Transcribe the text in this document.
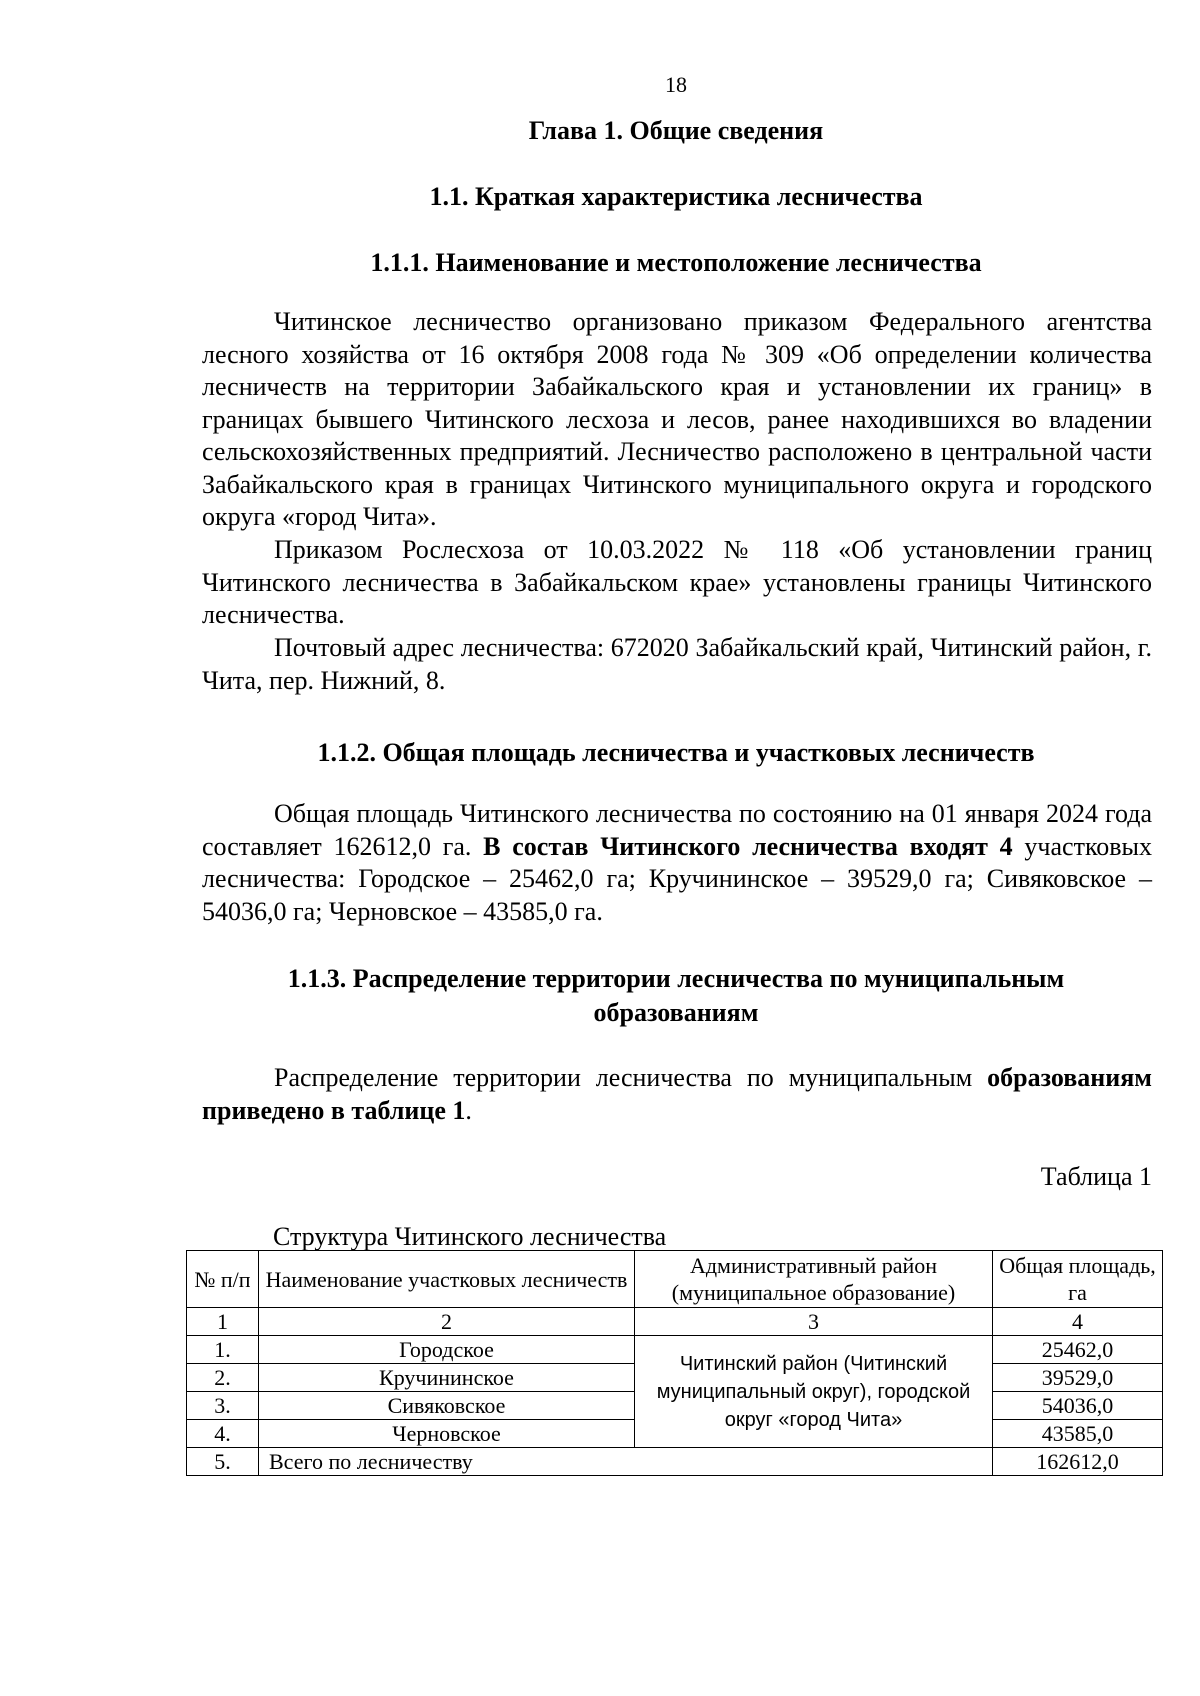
18
Глава 1. Общие сведения
1.1. Краткая характеристика лесничества
1.1.1. Наименование и местоположение лесничества

Читинское лесничество организовано приказом Федерального агентства лесного хозяйства от 16 октября 2008 года № 309 «Об определении количества лесничеств на территории Забайкальского края и установлении их границ» в границах бывшего Читинского лесхоза и лесов, ранее находившихся во владении сельскохозяйственных предприятий. Лесничество расположено в центральной части Забайкальского края в границах Читинского муниципального округа и городского округа «город Чита».

Приказом Рослесхоза от 10.03.2022 № 118 «Об установлении границ Читинского лесничества в Забайкальском крае» установлены границы Читинского лесничества.

Почтовый адрес лесничества: 672020 Забайкальский край, Читинский район, г. Чита, пер. Нижний, 8.

1.1.2. Общая площадь лесничества и участковых лесничеств

Общая площадь Читинского лесничества по состоянию на 01 января 2024 года составляет 162612,0 га. В состав Читинского лесничества входят 4 участковых лесничества: Городское – 25462,0 га; Кручининское – 39529,0 га; Сивяковское – 54036,0 га; Черновское – 43585,0 га.

1.1.3. Распределение территории лесничества по муниципальным
образованиям

Распределение территории лесничества по муниципальным образованиям приведено в таблице 1.

Таблица 1
Структура Читинского лесничества
№ п/п	Наименование участковых лесничеств	Административный район (муниципальное образование)	Общая площадь, га
1	2	3	4
1.	Городское	Читинский район (Читинский муниципальный округ), городской округ «город Чита»	25462,0
2.	Кручининское		39529,0
3.	Сивяковское		54036,0
4.	Черновское		43585,0
5.	Всего по лесничеству		162612,0
